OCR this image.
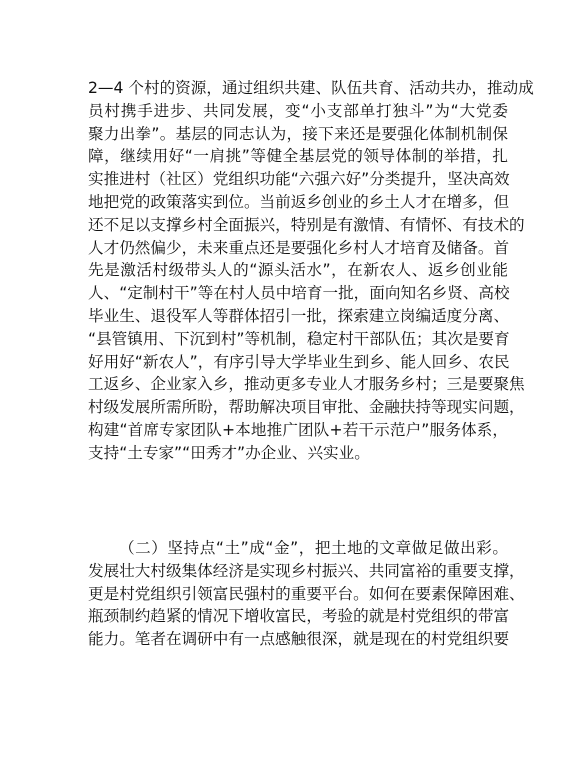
2—4 个村的资源，通过组织共建、队伍共育、活动共办，推动成
员村携手进步、共同发展，变“小支部单打独斗”为“大党委
聚力出拳”。基层的同志认为，接下来还是要强化体制机制保
障，继续用好“一肩挑”等健全基层党的领导体制的举措，扎
实推进村（社区）党组织功能“六强六好”分类提升，坚决高效
地把党的政策落实到位。当前返乡创业的乡土人才在增多，但
还不足以支撑乡村全面振兴，特别是有激情、有情怀、有技术的
人才仍然偏少，未来重点还是要强化乡村人才培育及储备。首
先是激活村级带头人的“源头活水”，在新农人、返乡创业能
人、“定制村干”等在村人员中培育一批，面向知名乡贤、高校
毕业生、退役军人等群体招引一批，探索建立岗编适度分离、
“县管镇用、下沉到村”等机制，稳定村干部队伍；其次是要育
好用好“新农人”，有序引导大学毕业生到乡、能人回乡、农民
工返乡、企业家入乡，推动更多专业人才服务乡村；三是要聚焦
村级发展所需所盼，帮助解决项目审批、金融扶持等现实问题，
构建“首席专家团队+本地推广团队+若干示范户”服务体系，
支持“土专家”“田秀才”办企业、兴实业。
（二）坚持点“土”成“金”，把土地的文章做足做出彩。
发展壮大村级集体经济是实现乡村振兴、共同富裕的重要支撑，
更是村党组织引领富民强村的重要平台。如何在要素保障困难、
瓶颈制约趋紧的情况下增收富民，考验的就是村党组织的带富
能力。笔者在调研中有一点感触很深，就是现在的村党组织要
